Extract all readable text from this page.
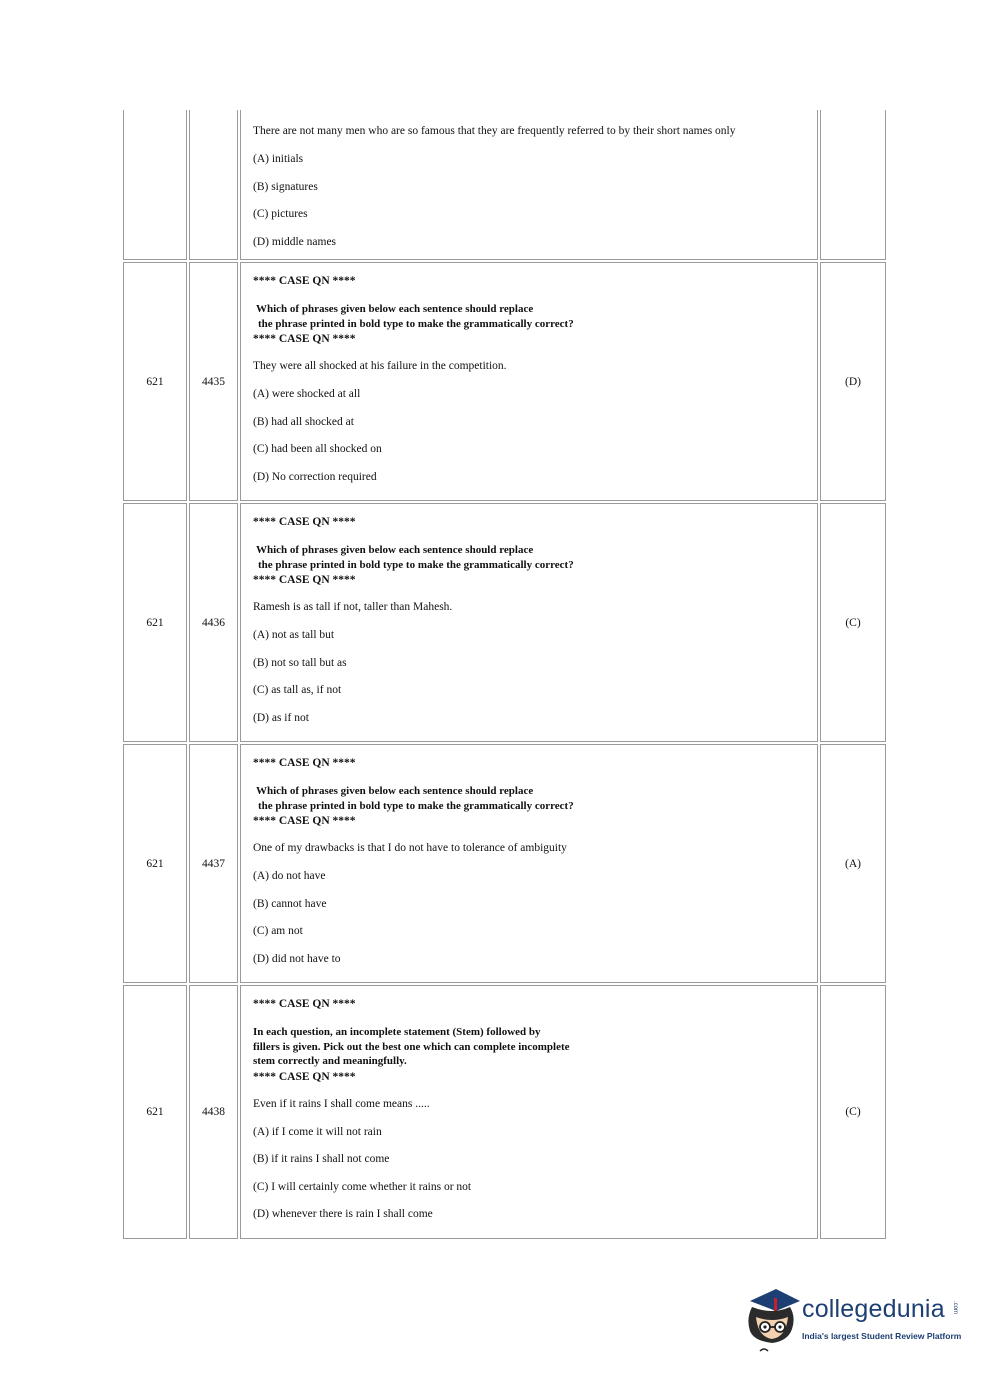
There are not many men who are so famous that they are frequently referred to by their short names only

(A) initials

(B) signatures

(C) pictures

(D) middle names

621	4435

**** CASE QN ****

Which of phrases given below each sentence should replace
the phrase printed in bold type to make the grammatically correct?

**** CASE QN ****

They were all shocked at his failure in the competition.

(A) were shocked at all

(B) had all shocked at

(C) had been all shocked on

(D) No correction required

(D)
621	4436

**** CASE QN ****

Which of phrases given below each sentence should replace
the phrase printed in bold type to make the grammatically correct?

**** CASE QN ****

Ramesh is as tall if not, taller than Mahesh.

(A) not as tall but

(B) not so tall but as

(C) as tall as, if not

(D) as if not

(C)
621	4437

**** CASE QN ****

Which of phrases given below each sentence should replace
the phrase printed in bold type to make the grammatically correct?

**** CASE QN ****

One of my drawbacks is that I do not have to tolerance of ambiguity

(A) do not have

(B) cannot have

(C) am not

(D) did not have to

(A)
621	4438

**** CASE QN ****

In each question, an incomplete statement (Stem) followed by
fillers is given. Pick out the best one which can complete incomplete
stem correctly and meaningfully.

**** CASE QN ****

Even if it rains I shall come means .....

(A) if I come it will not rain

(B) if it rains I shall not come

(C) I will certainly come whether it rains or not

(D) whenever there is rain I shall come

(C)
collegedunia .com
India's largest Student Review Platform
